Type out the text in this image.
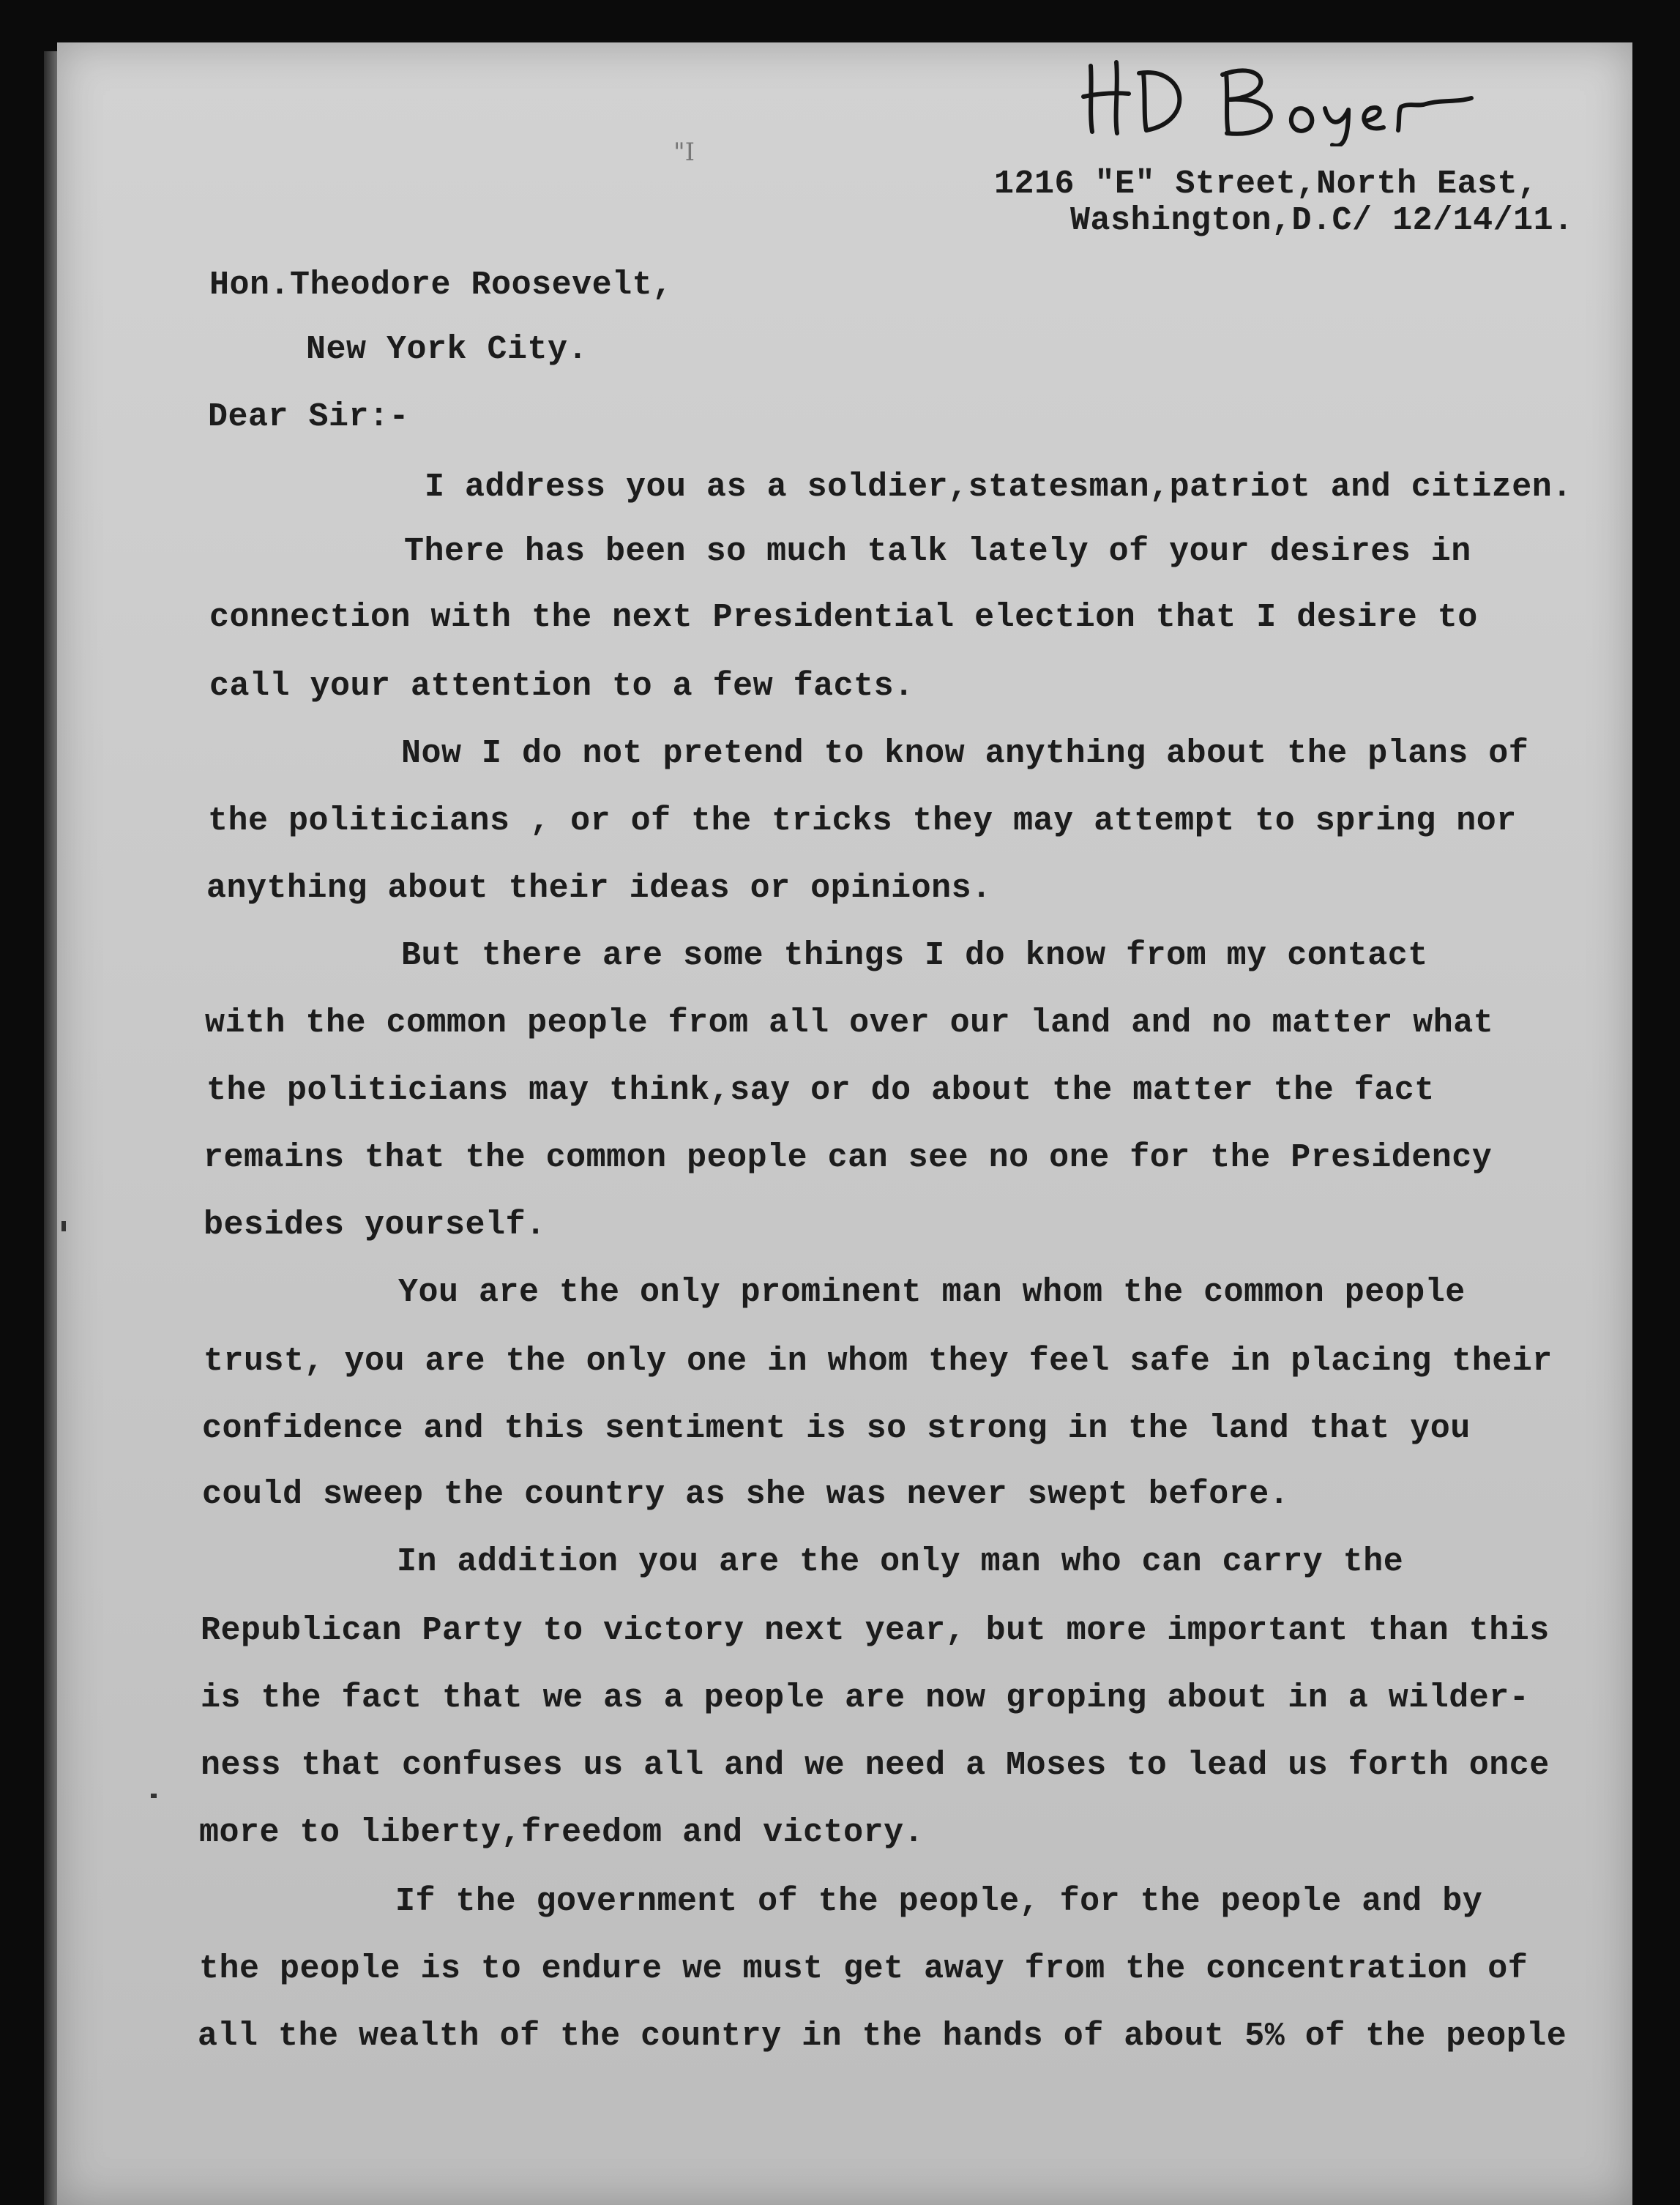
"I
1216 "E" Street,North East,
Washington,D.C/ 12/14/11.
Hon.Theodore Roosevelt,
New York City.
Dear Sir:-
I address you as a soldier,statesman,patriot and citizen.
There has been so much talk lately of your desires in
connection with the next Presidential election that I desire to
call your attention to a few facts.
Now I do not pretend to know anything about the plans of
the politicians , or of the tricks they may attempt to spring nor
anything about their ideas or opinions.
But there are some things I do know from my contact
with the common people from all over our land and no matter what
the politicians may think,say or do about the matter the fact
remains that the common people can see no one for the Presidency
besides yourself.
You are the only prominent man whom the common people
trust, you are the only one in whom they feel safe in placing their
confidence and this sentiment is so strong in the land that you
could sweep the country as she was never swept before.
In addition you are the only man who can carry the
Republican Party to victory next year, but more important than this
is the fact that we as a people are now groping about in a wilder-
ness that confuses us all and we need a Moses to lead us forth once
more to liberty,freedom and victory.
If the government of the people, for the people and by
the people is to endure we must get away from the concentration of
all the wealth of the country in the hands of about 5% of the people
